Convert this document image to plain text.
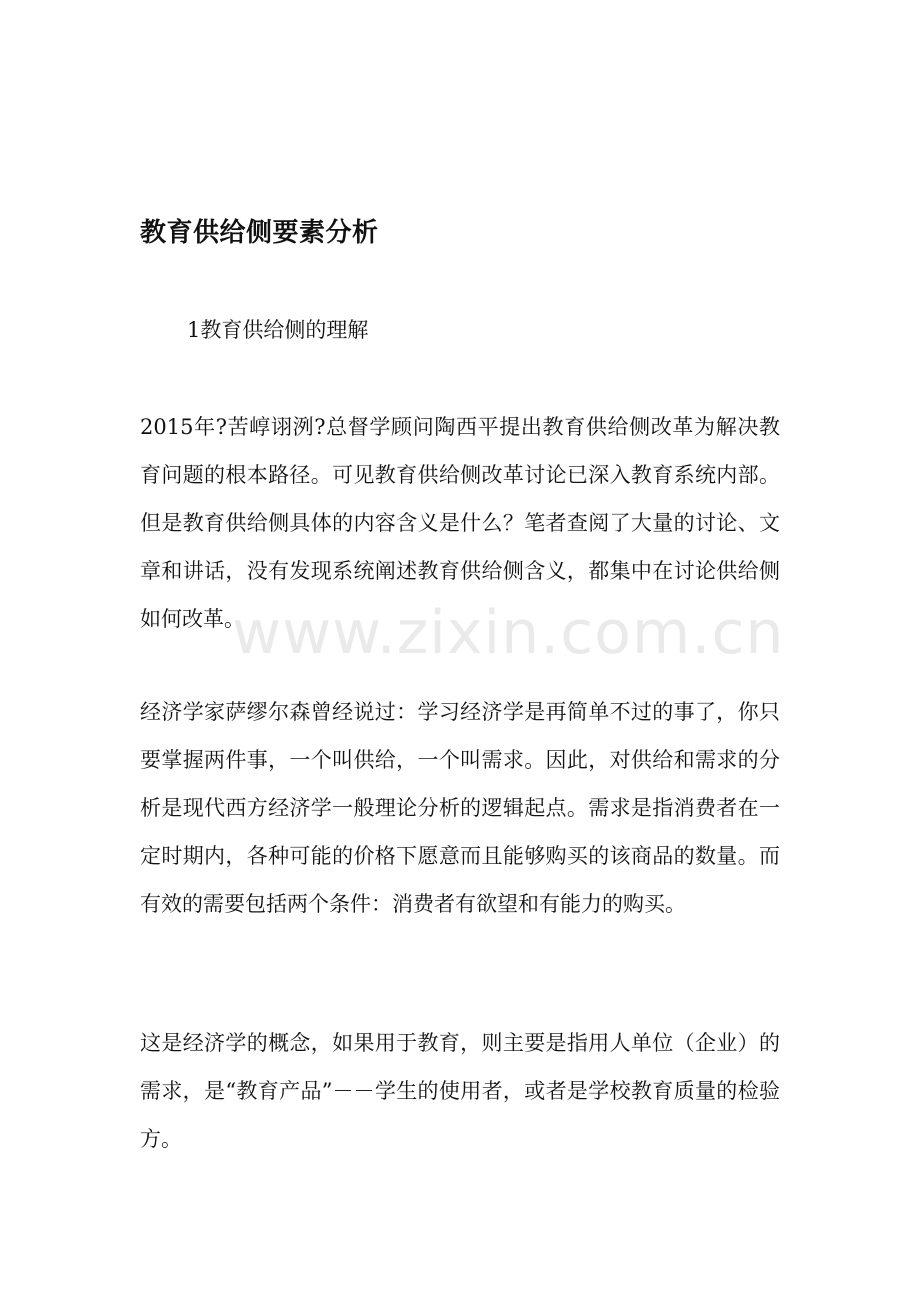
教育供给侧要素分析
1教育供给侧的理解

2015年?苦崞诩洌?总督学顾问陶西平提出教育供给侧改革为解决教育问题的根本路径。可见教育供给侧改革讨论已深入教育系统内部。但是教育供给侧具体的内容含义是什么？笔者查阅了大量的讨论、文章和讲话，没有发现系统阐述教育供给侧含义，都集中在讨论供给侧如何改革。

www.zixin.com.cn

经济学家萨缪尔森曾经说过：学习经济学是再简单不过的事了，你只要掌握两件事，一个叫供给，一个叫需求。因此，对供给和需求的分析是现代西方经济学一般理论分析的逻辑起点。需求是指消费者在一定时期内，各种可能的价格下愿意而且能够购买的该商品的数量。而有效的需要包括两个条件：消费者有欲望和有能力的购买。

这是经济学的概念，如果用于教育，则主要是指用人单位（企业）的需求，是“教育产品”－－学生的使用者，或者是学校教育质量的检验方。
